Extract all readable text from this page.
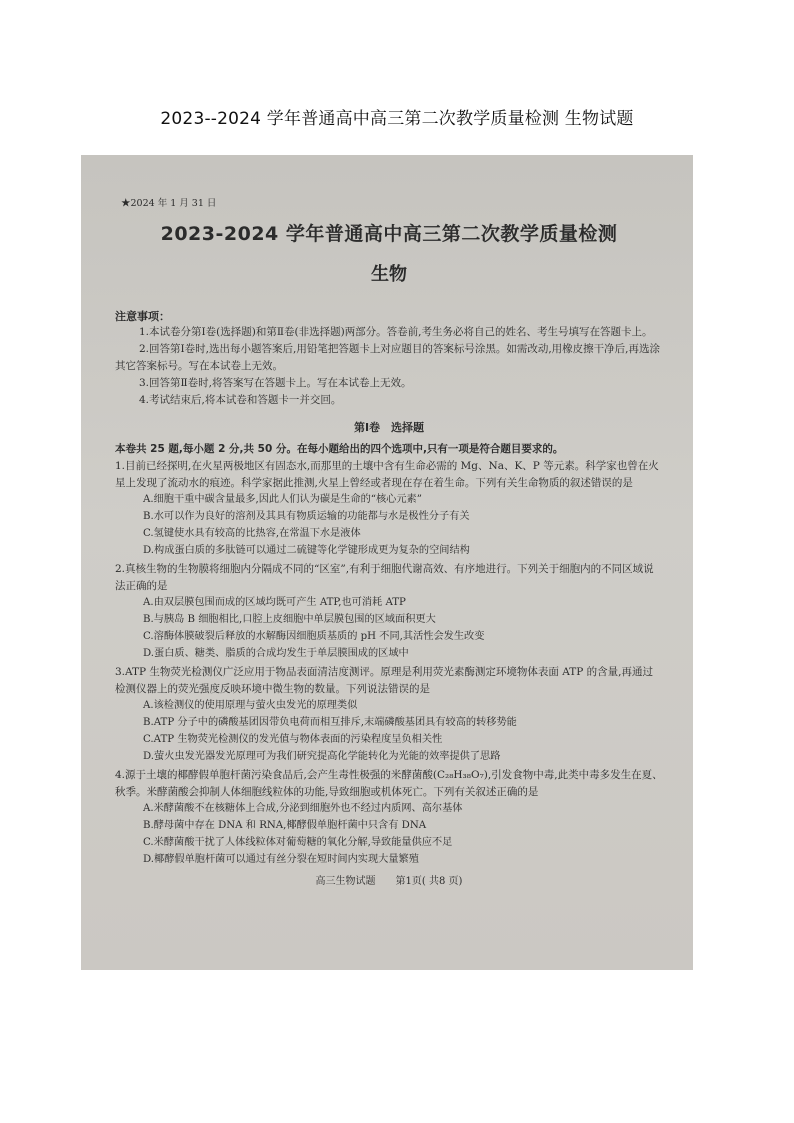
2023--2024 学年普通高中高三第二次教学质量检测 生物试题
★2024 年 1 月 31 日
2023-2024 学年普通高中高三第二次教学质量检测
生物
注意事项：

1.本试卷分第Ⅰ卷(选择题)和第Ⅱ卷(非选择题)两部分。答卷前,考生务必将自己的姓名、考生号填写在答题卡上。

2.回答第Ⅰ卷时,选出每小题答案后,用铅笔把答题卡上对应题目的答案标号涂黑。如需改动,用橡皮擦干净后,再选涂其它答案标号。写在本试卷上无效。

3.回答第Ⅱ卷时,将答案写在答题卡上。写在本试卷上无效。

4.考试结束后,将本试卷和答题卡一并交回。

第Ⅰ卷　选择题
本卷共 25 题,每小题 2 分,共 50 分。在每小题给出的四个选项中,只有一项是符合题目要求的。

1.目前已经探明,在火星两极地区有固态水,而那里的土壤中含有生命必需的 Mg、Na、K、P 等元素。科学家也曾在火星上发现了流动水的痕迹。科学家据此推测,火星上曾经或者现在存在着生命。下列有关生命物质的叙述错误的是

A.细胞干重中碳含量最多,因此人们认为碳是生命的“核心元素”

B.水可以作为良好的溶剂及其具有物质运输的功能都与水是极性分子有关

C.氢键使水具有较高的比热容,在常温下水是液体

D.构成蛋白质的多肽链可以通过二硫键等化学键形成更为复杂的空间结构

2.真核生物的生物膜将细胞内分隔成不同的“区室”,有利于细胞代谢高效、有序地进行。下列关于细胞内的不同区域说法正确的是

A.由双层膜包围而成的区域均既可产生 ATP,也可消耗 ATP

B.与胰岛 B 细胞相比,口腔上皮细胞中单层膜包围的区域面积更大

C.溶酶体膜破裂后释放的水解酶因细胞质基质的 pH 不同,其活性会发生改变

D.蛋白质、糖类、脂质的合成均发生于单层膜围成的区域中

3.ATP 生物荧光检测仪广泛应用于物品表面清洁度测评。原理是利用荧光素酶测定环境物体表面 ATP 的含量,再通过检测仪器上的荧光强度反映环境中微生物的数量。下列说法错误的是

A.该检测仪的使用原理与萤火虫发光的原理类似

B.ATP 分子中的磷酸基团因带负电荷而相互排斥,末端磷酸基团具有较高的转移势能

C.ATP 生物荧光检测仪的发光值与物体表面的污染程度呈负相关性

D.萤火虫发光器发光原理可为我们研究提高化学能转化为光能的效率提供了思路

4.源于土壤的椰酵假单胞杆菌污染食品后,会产生毒性极强的米酵菌酸(C₂₈H₃₈O₇),引发食物中毒,此类中毒多发生在夏、秋季。米酵菌酸会抑制人体细胞线粒体的功能,导致细胞或机体死亡。下列有关叙述正确的是

A.米酵菌酸不在核糖体上合成,分泌到细胞外也不经过内质网、高尔基体

B.酵母菌中存在 DNA 和 RNA,椰酵假单胞杆菌中只含有 DNA

C.米酵菌酸干扰了人体线粒体对葡萄糖的氧化分解,导致能量供应不足

D.椰酵假单胞杆菌可以通过有丝分裂在短时间内实现大量繁殖

高三生物试题　　第1页( 共8 页)
